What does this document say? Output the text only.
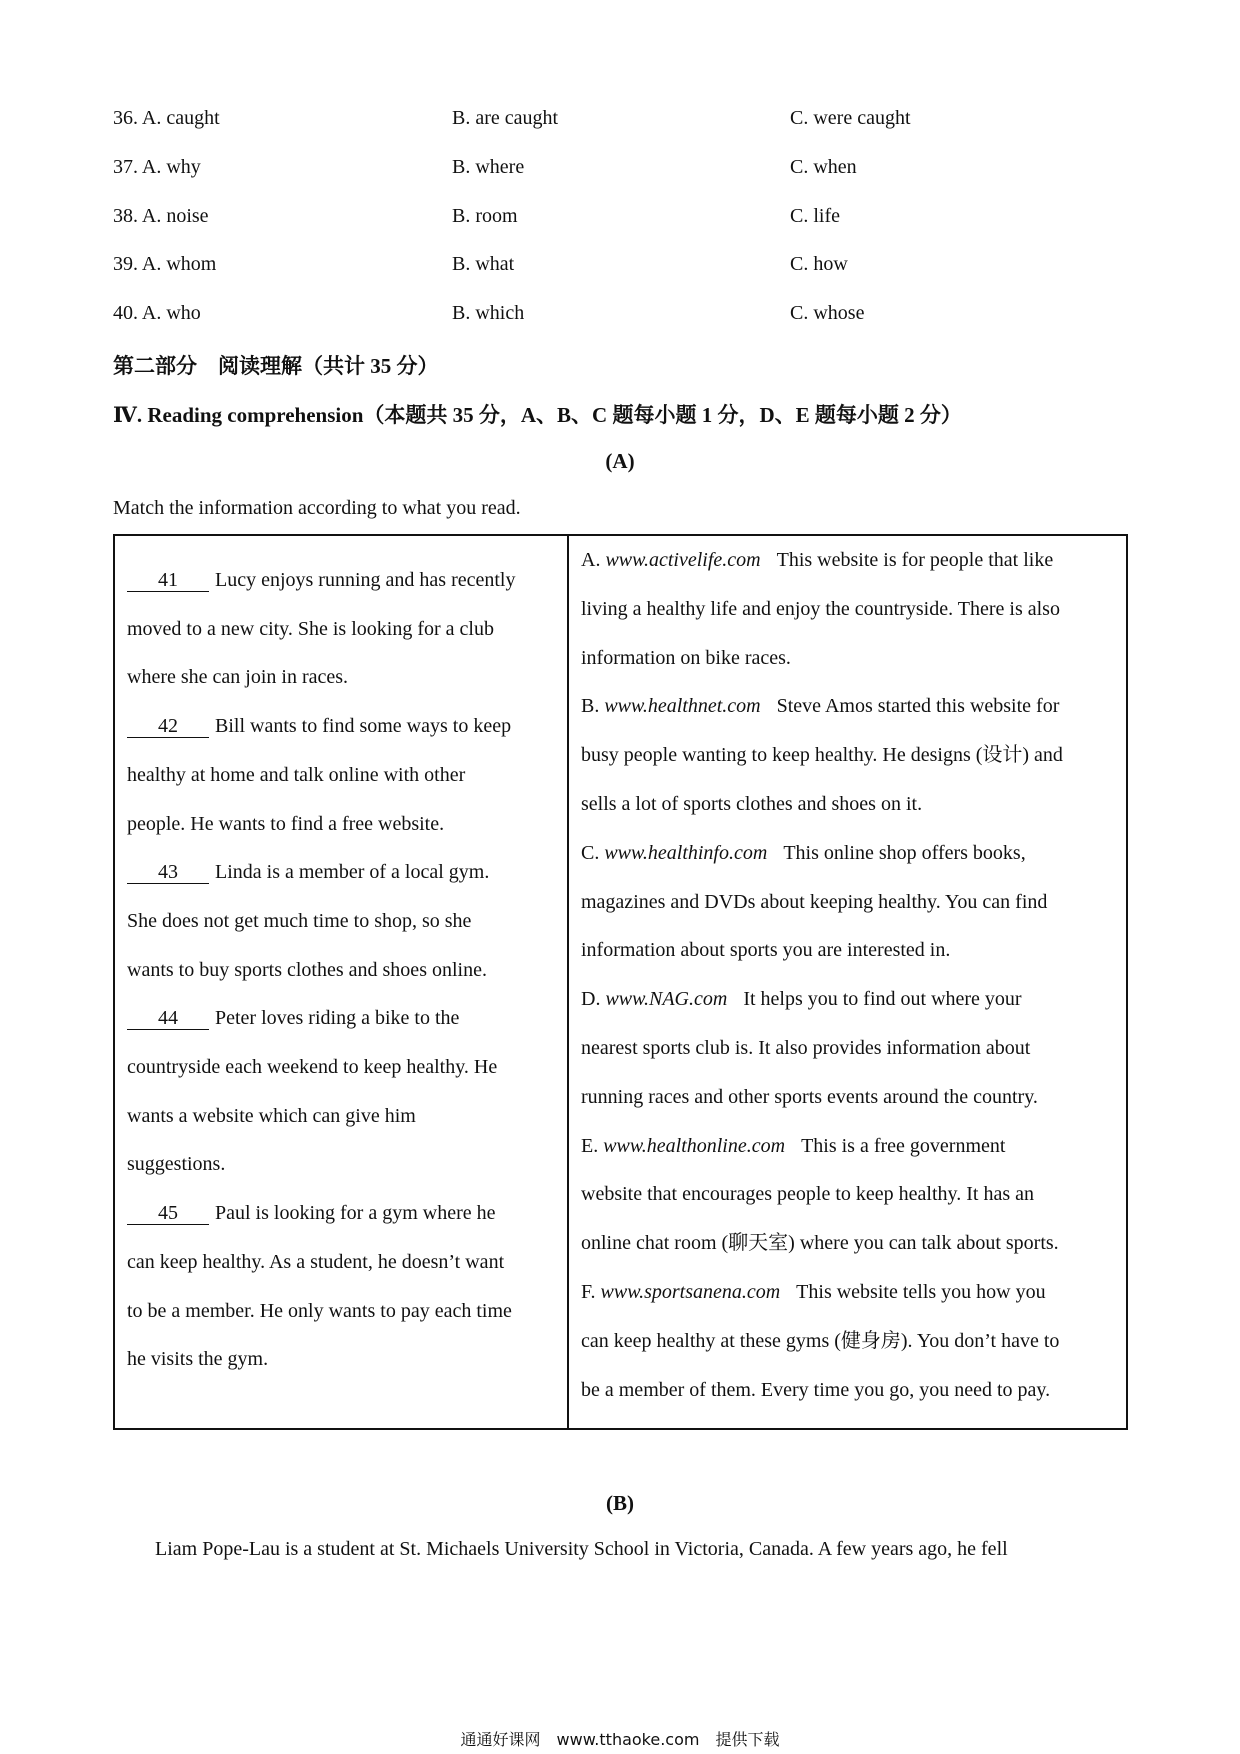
36. A. caught	B. are caught	C. were caught
37. A. why	B. where	C. when
38. A. noise	B. room	C. life
39. A. whom	B. what	C. how
40. A. who	B. which	C. whose
第二部分　阅读理解（共计 35 分）
Ⅳ. Reading comprehension（本题共 35 分，A、B、C 题每小题 1 分，D、E 题每小题 2 分）
(A)
Match the information according to what you read.
41 Lucy enjoys running and has recently
moved to a new city. She is looking for a club
where she can join in races.
42 Bill wants to find some ways to keep
healthy at home and talk online with other
people. He wants to find a free website.
43 Linda is a member of a local gym.
She does not get much time to shop, so she
wants to buy sports clothes and shoes online.
44 Peter loves riding a bike to the
countryside each weekend to keep healthy. He
wants a website which can give him
suggestions.
45 Paul is looking for a gym where he
can keep healthy. As a student, he doesn’t want
to be a member. He only wants to pay each time
he visits the gym.
A. www.activelife.com This website is for people that like
living a healthy life and enjoy the countryside. There is also
information on bike races.
B. www.healthnet.com Steve Amos started this website for
busy people wanting to keep healthy. He designs (设计) and
sells a lot of sports clothes and shoes on it.
C. www.healthinfo.com This online shop offers books,
magazines and DVDs about keeping healthy. You can find
information about sports you are interested in.
D. www.NAG.com It helps you to find out where your
nearest sports club is. It also provides information about
running races and other sports events around the country.
E. www.healthonline.com This is a free government
website that encourages people to keep healthy. It has an
online chat room (聊天室) where you can talk about sports.
F. www.sportsanena.com This website tells you how you
can keep healthy at these gyms (健身房). You don’t have to
be a member of them. Every time you go, you need to pay.
(B)
Liam Pope-Lau is a student at St. Michaels University School in Victoria, Canada. A few years ago, he fell
通通好课网　www.tthaoke.com　提供下载
